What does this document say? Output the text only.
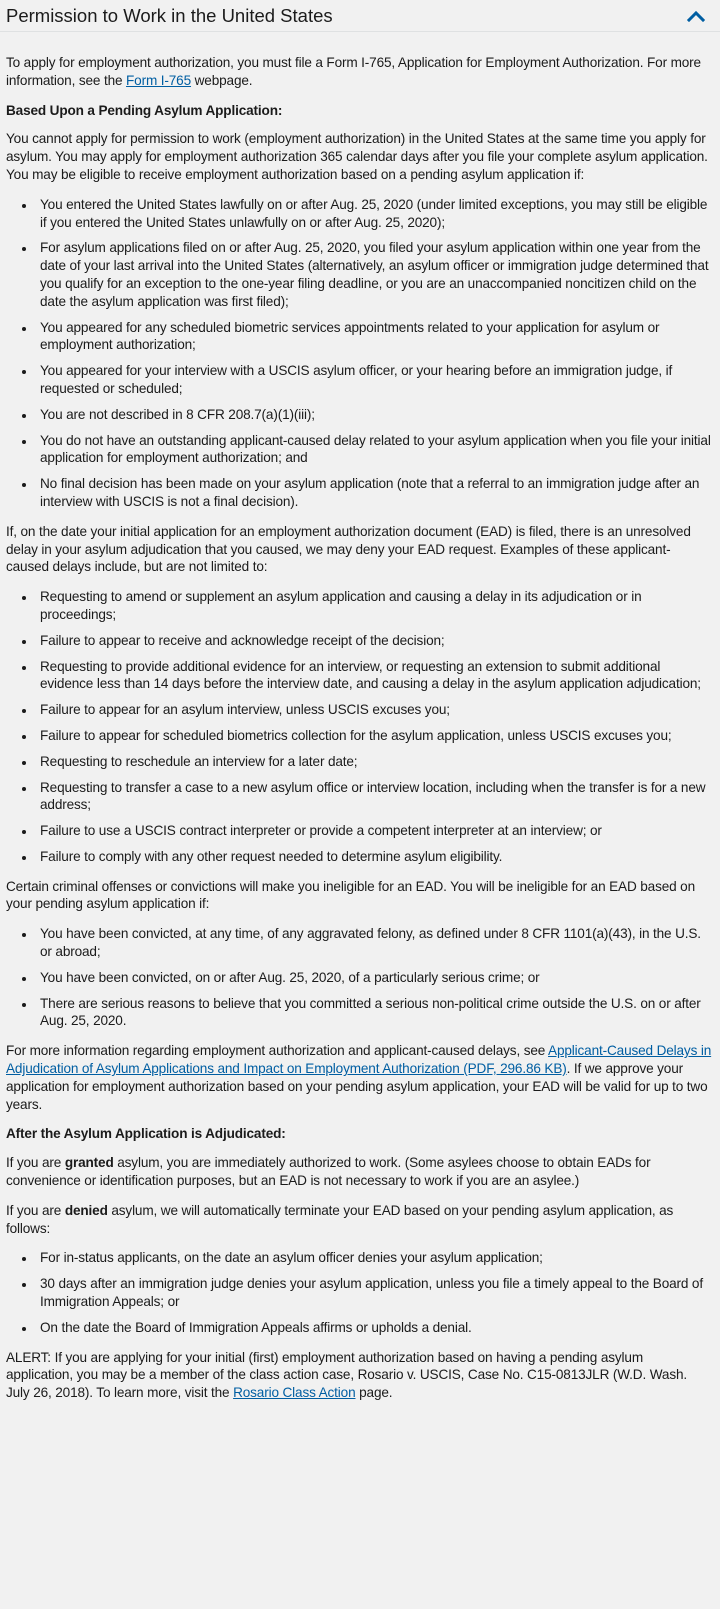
Permission to Work in the United States

To apply for employment authorization, you must file a Form I-765, Application for Employment Authorization. For more information, see the Form I-765 webpage.

Based Upon a Pending Asylum Application:

You cannot apply for permission to work (employment authorization) in the United States at the same time you apply for asylum. You may apply for employment authorization 365 calendar days after you file your complete asylum application. You may be eligible to receive employment authorization based on a pending asylum application if:

• You entered the United States lawfully on or after Aug. 25, 2020 (under limited exceptions, you may still be eligible if you entered the United States unlawfully on or after Aug. 25, 2020);
• For asylum applications filed on or after Aug. 25, 2020, you filed your asylum application within one year from the date of your last arrival into the United States (alternatively, an asylum officer or immigration judge determined that you qualify for an exception to the one-year filing deadline, or you are an unaccompanied noncitizen child on the date the asylum application was first filed);
• You appeared for any scheduled biometric services appointments related to your application for asylum or employment authorization;
• You appeared for your interview with a USCIS asylum officer, or your hearing before an immigration judge, if requested or scheduled;
• You are not described in 8 CFR 208.7(a)(1)(iii);
• You do not have an outstanding applicant-caused delay related to your asylum application when you file your initial application for employment authorization; and
• No final decision has been made on your asylum application (note that a referral to an immigration judge after an interview with USCIS is not a final decision).

If, on the date your initial application for an employment authorization document (EAD) is filed, there is an unresolved delay in your asylum adjudication that you caused, we may deny your EAD request. Examples of these applicant-caused delays include, but are not limited to:

• Requesting to amend or supplement an asylum application and causing a delay in its adjudication or in proceedings;
• Failure to appear to receive and acknowledge receipt of the decision;
• Requesting to provide additional evidence for an interview, or requesting an extension to submit additional evidence less than 14 days before the interview date, and causing a delay in the asylum application adjudication;
• Failure to appear for an asylum interview, unless USCIS excuses you;
• Failure to appear for scheduled biometrics collection for the asylum application, unless USCIS excuses you;
• Requesting to reschedule an interview for a later date;
• Requesting to transfer a case to a new asylum office or interview location, including when the transfer is for a new address;
• Failure to use a USCIS contract interpreter or provide a competent interpreter at an interview; or
• Failure to comply with any other request needed to determine asylum eligibility.

Certain criminal offenses or convictions will make you ineligible for an EAD. You will be ineligible for an EAD based on your pending asylum application if:

• You have been convicted, at any time, of any aggravated felony, as defined under 8 CFR 1101(a)(43), in the U.S. or abroad;
• You have been convicted, on or after Aug. 25, 2020, of a particularly serious crime; or
• There are serious reasons to believe that you committed a serious non-political crime outside the U.S. on or after Aug. 25, 2020.

For more information regarding employment authorization and applicant-caused delays, see Applicant-Caused Delays in Adjudication of Asylum Applications and Impact on Employment Authorization (PDF, 296.86 KB). If we approve your application for employment authorization based on your pending asylum application, your EAD will be valid for up to two years.

After the Asylum Application is Adjudicated:

If you are granted asylum, you are immediately authorized to work. (Some asylees choose to obtain EADs for convenience or identification purposes, but an EAD is not necessary to work if you are an asylee.)

If you are denied asylum, we will automatically terminate your EAD based on your pending asylum application, as follows:

• For in-status applicants, on the date an asylum officer denies your asylum application;
• 30 days after an immigration judge denies your asylum application, unless you file a timely appeal to the Board of Immigration Appeals; or
• On the date the Board of Immigration Appeals affirms or upholds a denial.

ALERT: If you are applying for your initial (first) employment authorization based on having a pending asylum application, you may be a member of the class action case, Rosario v. USCIS, Case No. C15-0813JLR (W.D. Wash. July 26, 2018). To learn more, visit the Rosario Class Action page.
